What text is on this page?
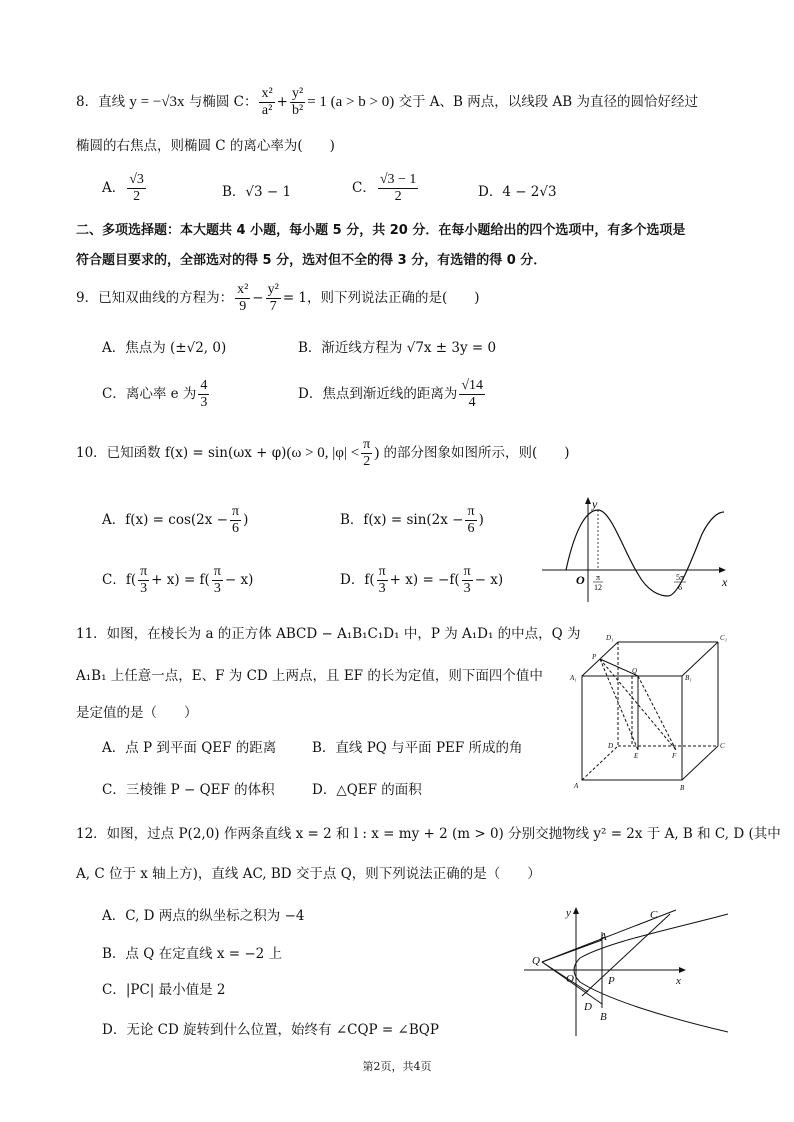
8．直线 y = −√3x 与椭圆 C： $\frac{\text{x²}}{\text{a²}} + \frac{\text{y²}}{\text{b²}} = 1$ (a > b > 0) 交于 A、B 两点，以线段 AB 为直径的圆恰好经过
椭圆的右焦点，则椭圆 C 的离心率为(　　)
A． $\frac{√3}{2}$	B．√3 − 1	C． $\frac{√3 - 1}{2}$	D．4 − 2√3
二、多项选择题：本大题共 4 小题，每小题 5 分，共 20 分．在每小题给出的四个选项中，有多个选项是
符合题目要求的，全部选对的得 5 分，选对但不全的得 3 分，有选错的得 0 分．
9．已知双曲线的方程为： $\frac{\text{x²}}{9} - \frac{\text{y²}}{7} = 1$，则下列说法正确的是(　　)
A．焦点为 (±√2, 0)	B．渐近线方程为 √7x ± 3y = 0
C．离心率 e 为 $\frac{4}{3}$	D．焦点到渐近线的距离为 $\frac{√14}{4}$
10．已知函数 f(x) = sin(ωx + φ)(ω > 0, $|\varphi| < \frac{\pi}{2}$ ) 的部分图象如图所示，则(　　)
A．$f(x) = \cos(2x - \frac{\pi}{6}$ )	B．$f(x) = \sin(2x - \frac{\pi}{6}$ )
C．$f( \frac{\pi}{3} + x) = f( \frac{\pi}{3} - x)$	D．$f( \frac{\pi}{3} + x) = -f( \frac{\pi}{3} - x)$
y
x
O π
12
5π
6
11．如图，在棱长为 a 的正方体 ABCD − A₁B₁C₁D₁ 中，P 为 A₁D₁ 的中点，Q 为
A₁B₁ 上任意一点，E、F 为 CD 上两点，且 EF 的长为定值，则下面四个值中
是定值的是（　　）
A．点 P 到平面 QEF 的距离	B．直线 PQ 与平面 PEF 所成的角
C．三棱锥 P − QEF 的体积	D．△QEF 的面积
D₁	C₁
A₁	B₁
P
Q
D	C
A	B
E	F
12．如图，过点 P(2,0) 作两条直线 x = 2 和 l : x = my + 2 (m > 0) 分别交抛物线 y² = 2x 于 A, B 和 C, D (其中
A, C 位于 x 轴上方)，直线 AC, BD 交于点 Q，则下列说法正确的是（　　）
A．C, D 两点的纵坐标之积为 −4
B．点 Q 在定直线 x = −2 上
C．|PC| 最小值是 2
D．无论 CD 旋转到什么位置，始终有 ∠CQP = ∠BQP
y
x
Q
O
A
B
C
D
P
第2页，共4页
